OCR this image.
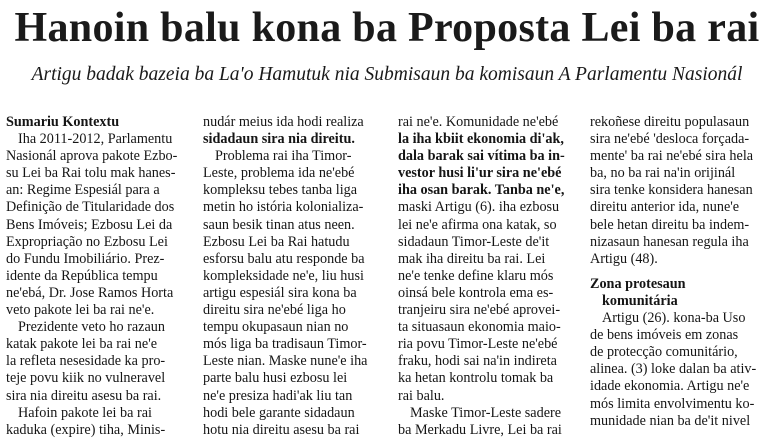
Hanoin balu kona ba Proposta Lei ba rai
Artigu badak bazeia ba La'o Hamutuk nia Submisaun ba komisaun A Parlamentu Nasionál
Sumariu Kontextu
Iha 2011-2012, Parlamentu
Nasionál aprova pakote Ezbo-
su Lei ba Rai tolu mak hanes-
an: Regime Espesiál para a
Definição de Titularidade dos
Bens Imóveis; Ezbosu Lei da
Expropriação no Ezbosu Lei
do Fundu Imobiliário. Prez-
idente da República tempu
ne'ebá, Dr. Jose Ramos Horta
veto pakote lei ba rai ne'e.
Prezidente veto ho razaun
katak pakote lei ba rai ne'e
la refleta nesesidade ka pro-
teje povu kiik no vulneravel
sira nia direitu asesu ba rai.
Hafoin pakote lei ba rai
kaduka (expire) tiha, Minis-
nudár meius ida hodi realiza
sidadaun sira nia direitu.
Problema rai iha Timor-
Leste, problema ida ne'ebé
kompleksu tebes tanba liga
metin ho istória kolonializa-
saun besik tinan atus neen.
Ezbosu Lei ba Rai hatudu
esforsu balu atu responde ba
kompleksidade ne'e, liu husi
artigu espesiál sira kona ba
direitu sira ne'ebé liga ho
tempu okupasaun nian no
mós liga ba tradisaun Timor-
Leste nian. Maske nune'e iha
parte balu husi ezbosu lei
ne'e presiza hadi'ak liu tan
hodi bele garante sidadaun
hotu nia direitu asesu ba rai
rai ne'e. Komunidade ne'ebé
la iha kbiit ekonomia di'ak,
dala barak sai vítima ba in-
vestor husi li'ur sira ne'ebé
iha osan barak. Tanba ne'e,
maski Artigu (6). iha ezbosu
lei ne'e afirma ona katak, so
sidadaun Timor-Leste de'it
mak iha direitu ba rai. Lei
ne'e tenke define klaru mós
oinsá bele kontrola ema es-
tranjeiru sira ne'ebé aprovei-
ta situasaun ekonomia maio-
ria povu Timor-Leste ne'ebé
fraku, hodi sai na'in indireta
ka hetan kontrolu tomak ba
rai balu.
Maske Timor-Leste sadere
ba Merkadu Livre, Lei ba rai
rekoñese direitu populasaun
sira ne'ebé 'desloca forçada-
mente' ba rai ne'ebé sira hela
ba, no ba rai na'in orijinál
sira tenke konsidera hanesan
direitu anterior ida, nune'e
bele hetan direitu ba indem-
nizasaun hanesan regula iha
Artigu (48).
Zona protesaun
komunitária
Artigu (26). kona-ba Uso
de bens imóveis em zonas
de protecção comunitário,
alinea. (3) loke dalan ba ativ-
idade ekonomia. Artigu ne'e
mós limita envolvimentu ko-
munidade nian ba de'it nivel
